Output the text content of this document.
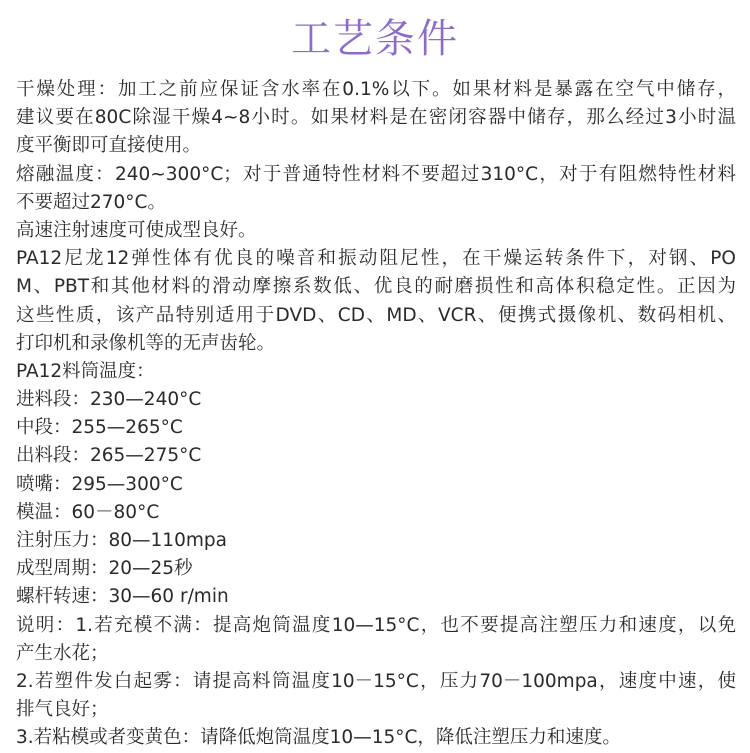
工艺条件
干燥处理：加工之前应保证含水率在0.1%以下。如果材料是暴露在空气中储存，
建议要在80C除湿干燥4~8小时。如果材料是在密闭容器中储存，那么经过3小时温
度平衡即可直接使用。
熔融温度：240~300°C；对于普通特性材料不要超过310°C，对于有阻燃特性材料
不要超过270°C。
高速注射速度可使成型良好。
PA12尼龙12弹性体有优良的噪音和振动阻尼性，在干燥运转条件下，对钢、PO
M、PBT和其他材料的滑动摩擦系数低、优良的耐磨损性和高体积稳定性。正因为
这些性质，该产品特别适用于DVD、CD、MD、VCR、便携式摄像机、数码相机、
打印机和录像机等的无声齿轮。
PA12料筒温度：
进料段：230—240°C
中段：255—265°C
出料段：265—275°C
喷嘴：295—300°C
模温：60－80°C
注射压力：80—110mpa
成型周期：20—25秒
螺杆转速：30—60 r/min
说明：1.若充模不满：提高炮筒温度10—15°C，也不要提高注塑压力和速度，以免
产生水花；
2.若塑件发白起雾：请提高料筒温度10－15°C，压力70－100mpa，速度中速，使
排气良好；
3.若粘模或者变黄色：请降低炮筒温度10—15°C，降低注塑压力和速度。
